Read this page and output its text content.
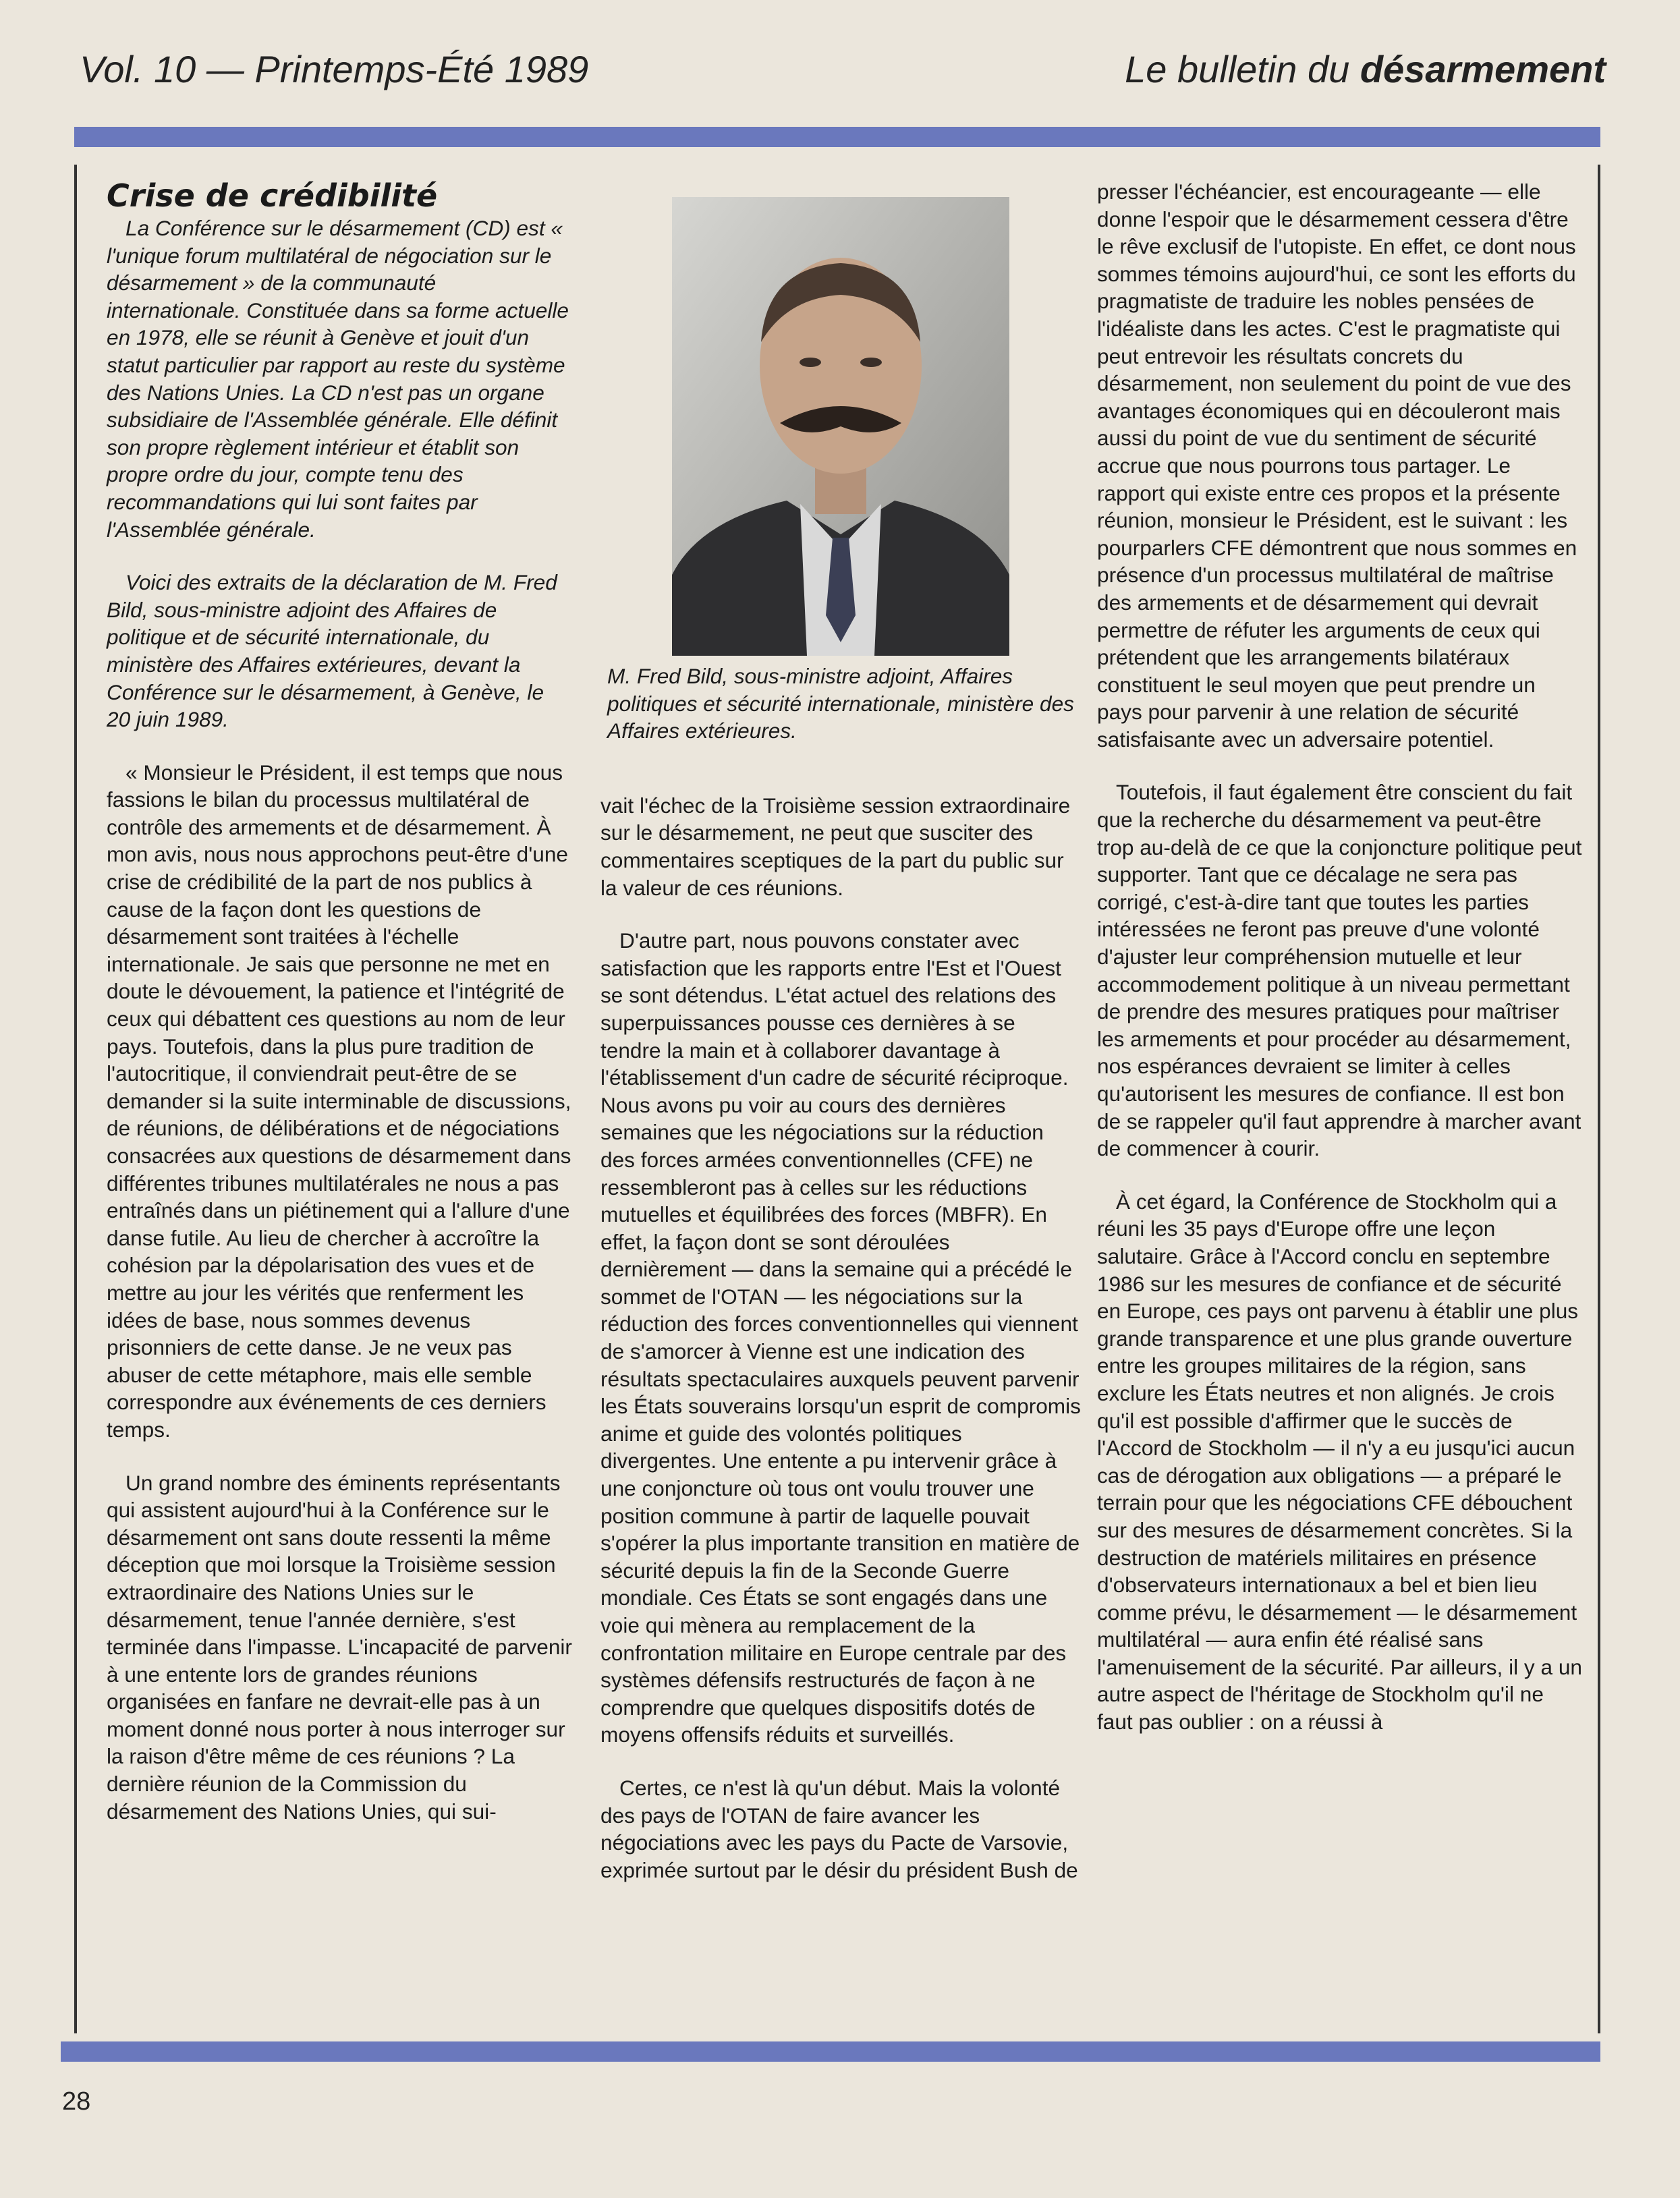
Vol. 10 — Printemps-Été 1989	Le bulletin du désarmement

Crise de crédibilité

La Conférence sur le désarmement (CD) est « l'unique forum multilatéral de négociation sur le désarmement » de la communauté internationale. Constituée dans sa forme actuelle en 1978, elle se réunit à Genève et jouit d'un statut particulier par rapport au reste du système des Nations Unies. La CD n'est pas un organe subsidiaire de l'Assemblée générale. Elle définit son propre règlement intérieur et établit son propre ordre du jour, compte tenu des recommandations qui lui sont faites par l'Assemblée générale.

Voici des extraits de la déclaration de M. Fred Bild, sous-ministre adjoint des Affaires de politique et de sécurité internationale, du ministère des Affaires extérieures, devant la Conférence sur le désarmement, à Genève, le 20 juin 1989.

« Monsieur le Président, il est temps que nous fassions le bilan du processus multilatéral de contrôle des armements et de désarmement. À mon avis, nous nous approchons peut-être d'une crise de crédibilité de la part de nos publics à cause de la façon dont les questions de désarmement sont traitées à l'échelle internationale. Je sais que personne ne met en doute le dévouement, la patience et l'intégrité de ceux qui débattent ces questions au nom de leur pays. Toutefois, dans la plus pure tradition de l'autocritique, il conviendrait peut-être de se demander si la suite interminable de discussions, de réunions, de délibérations et de négociations consacrées aux questions de désarmement dans différentes tribunes multilatérales ne nous a pas entraînés dans un piétinement qui a l'allure d'une danse futile. Au lieu de chercher à accroître la cohésion par la dépolarisation des vues et de mettre au jour les vérités que renferment les idées de base, nous sommes devenus prisonniers de cette danse. Je ne veux pas abuser de cette métaphore, mais elle semble correspondre aux événements de ces derniers temps.

Un grand nombre des éminents représentants qui assistent aujourd'hui à la Conférence sur le désarmement ont sans doute ressenti la même déception que moi lorsque la Troisième session extraordinaire des Nations Unies sur le désarmement, tenue l'année dernière, s'est terminée dans l'impasse. L'incapacité de parvenir à une entente lors de grandes réunions organisées en fanfare ne devrait-elle pas à un moment donné nous porter à nous interroger sur la raison d'être même de ces réunions ? La dernière réunion de la Commission du désarmement des Nations Unies, qui sui-

M. Fred Bild, sous-ministre adjoint, Affaires politiques et sécurité internationale, ministère des Affaires extérieures.

vait l'échec de la Troisième session extraordinaire sur le désarmement, ne peut que susciter des commentaires sceptiques de la part du public sur la valeur de ces réunions.

D'autre part, nous pouvons constater avec satisfaction que les rapports entre l'Est et l'Ouest se sont détendus. L'état actuel des relations des superpuissances pousse ces dernières à se tendre la main et à collaborer davantage à l'établissement d'un cadre de sécurité réciproque. Nous avons pu voir au cours des dernières semaines que les négociations sur la réduction des forces armées conventionnelles (CFE) ne ressembleront pas à celles sur les réductions mutuelles et équilibrées des forces (MBFR). En effet, la façon dont se sont déroulées dernièrement — dans la semaine qui a précédé le sommet de l'OTAN — les négociations sur la réduction des forces conventionnelles qui viennent de s'amorcer à Vienne est une indication des résultats spectaculaires auxquels peuvent parvenir les États souverains lorsqu'un esprit de compromis anime et guide des volontés politiques divergentes. Une entente a pu intervenir grâce à une conjoncture où tous ont voulu trouver une position commune à partir de laquelle pouvait s'opérer la plus importante transition en matière de sécurité depuis la fin de la Seconde Guerre mondiale. Ces États se sont engagés dans une voie qui mènera au remplacement de la confrontation militaire en Europe centrale par des systèmes défensifs restructurés de façon à ne comprendre que quelques dispositifs dotés de moyens offensifs réduits et surveillés.

Certes, ce n'est là qu'un début. Mais la volonté des pays de l'OTAN de faire avancer les négociations avec les pays du Pacte de Varsovie, exprimée surtout par le désir du président Bush de

presser l'échéancier, est encourageante — elle donne l'espoir que le désarmement cessera d'être le rêve exclusif de l'utopiste. En effet, ce dont nous sommes témoins aujourd'hui, ce sont les efforts du pragmatiste de traduire les nobles pensées de l'idéaliste dans les actes. C'est le pragmatiste qui peut entrevoir les résultats concrets du désarmement, non seulement du point de vue des avantages économiques qui en découleront mais aussi du point de vue du sentiment de sécurité accrue que nous pourrons tous partager. Le rapport qui existe entre ces propos et la présente réunion, monsieur le Président, est le suivant : les pourparlers CFE démontrent que nous sommes en présence d'un processus multilatéral de maîtrise des armements et de désarmement qui devrait permettre de réfuter les arguments de ceux qui prétendent que les arrangements bilatéraux constituent le seul moyen que peut prendre un pays pour parvenir à une relation de sécurité satisfaisante avec un adversaire potentiel.

Toutefois, il faut également être conscient du fait que la recherche du désarmement va peut-être trop au-delà de ce que la conjoncture politique peut supporter. Tant que ce décalage ne sera pas corrigé, c'est-à-dire tant que toutes les parties intéressées ne feront pas preuve d'une volonté d'ajuster leur compréhension mutuelle et leur accommodement politique à un niveau permettant de prendre des mesures pratiques pour maîtriser les armements et pour procéder au désarmement, nos espérances devraient se limiter à celles qu'autorisent les mesures de confiance. Il est bon de se rappeler qu'il faut apprendre à marcher avant de commencer à courir.

À cet égard, la Conférence de Stockholm qui a réuni les 35 pays d'Europe offre une leçon salutaire. Grâce à l'Accord conclu en septembre 1986 sur les mesures de confiance et de sécurité en Europe, ces pays ont parvenu à établir une plus grande transparence et une plus grande ouverture entre les groupes militaires de la région, sans exclure les États neutres et non alignés. Je crois qu'il est possible d'affirmer que le succès de l'Accord de Stockholm — il n'y a eu jusqu'ici aucun cas de dérogation aux obligations — a préparé le terrain pour que les négociations CFE débouchent sur des mesures de désarmement concrètes. Si la destruction de matériels militaires en présence d'observateurs internationaux a bel et bien lieu comme prévu, le désarmement — le désarmement multilatéral — aura enfin été réalisé sans l'amenuisement de la sécurité. Par ailleurs, il y a un autre aspect de l'héritage de Stockholm qu'il ne faut pas oublier : on a réussi à

28
